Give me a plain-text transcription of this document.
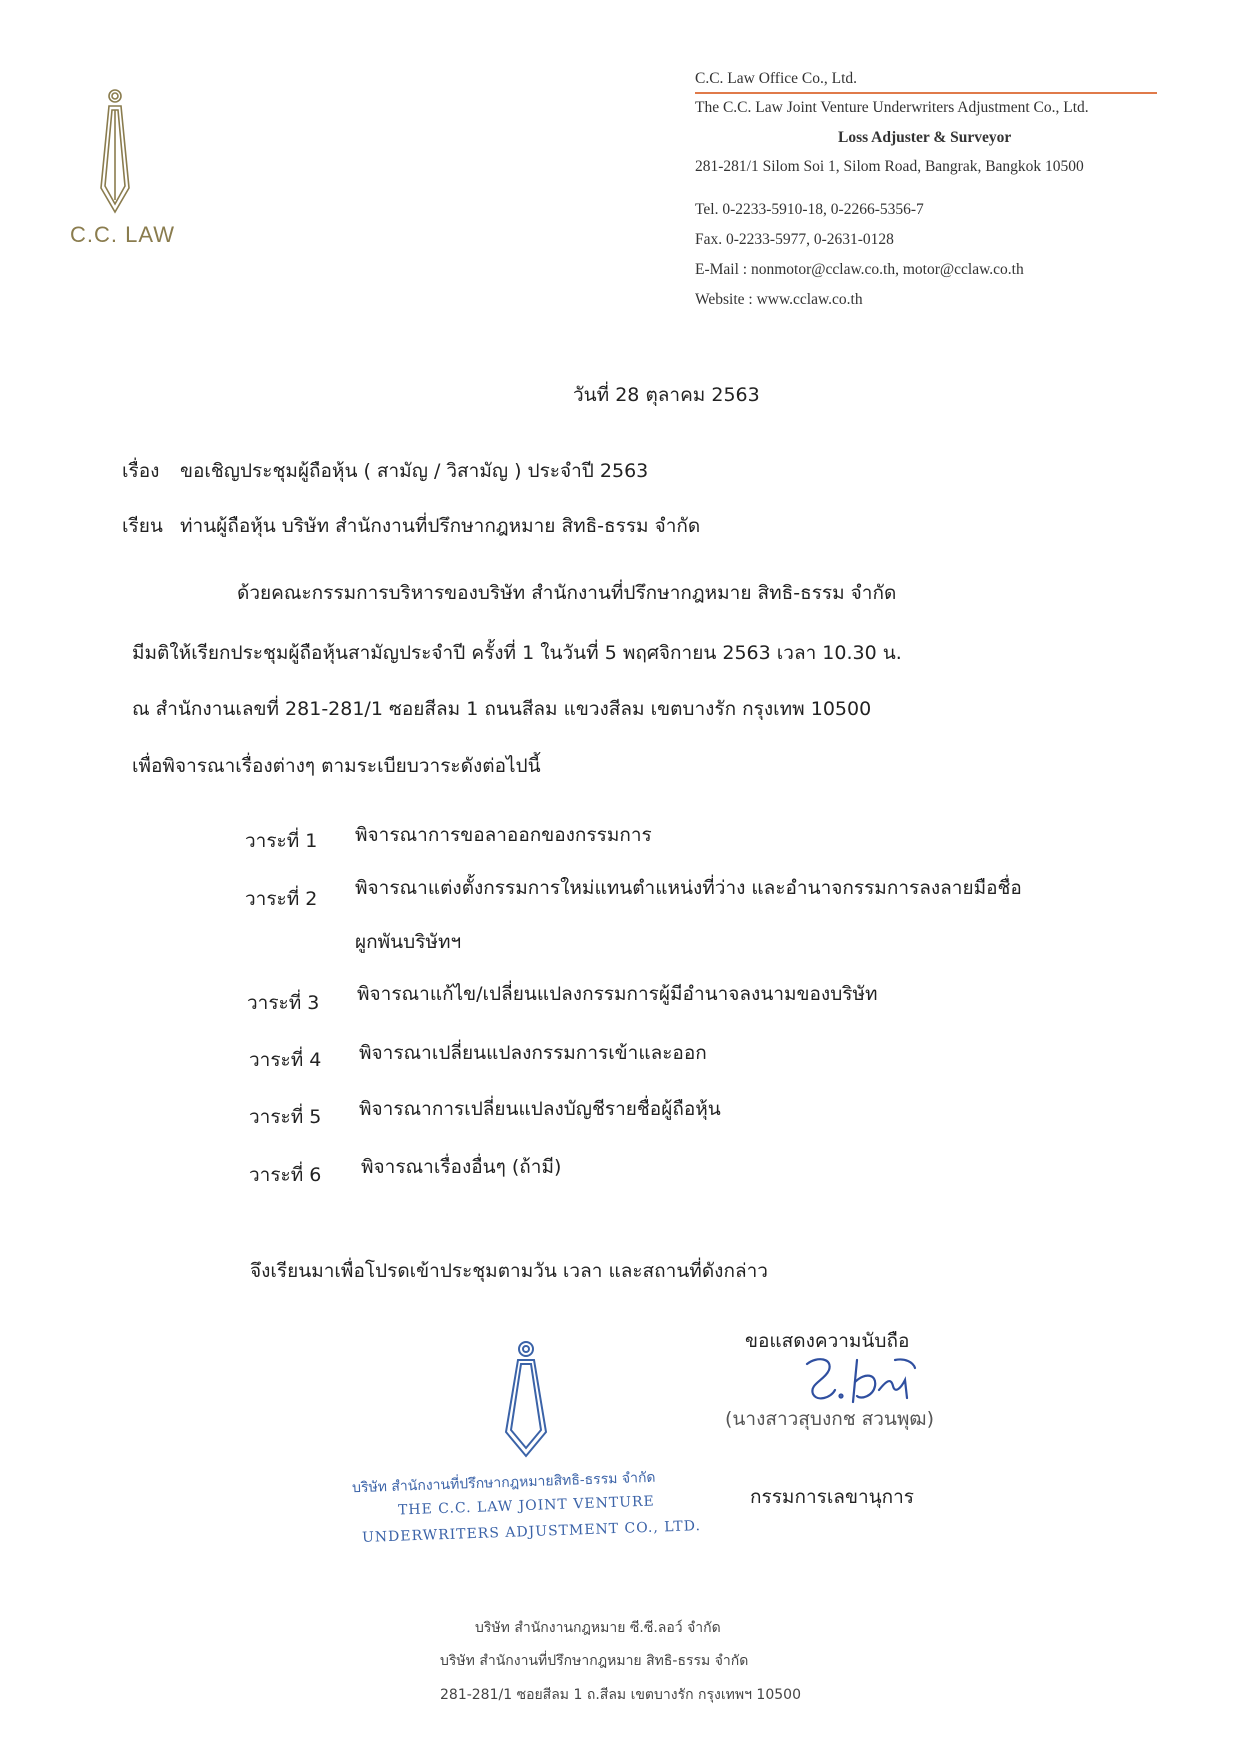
C.C. LAW
C.C. Law Office Co., Ltd.
The C.C. Law Joint Venture Underwriters Adjustment Co., Ltd.
Loss Adjuster & Surveyor
281-281/1 Silom Soi 1, Silom Road, Bangrak, Bangkok 10500
Tel. 0-2233-5910-18, 0-2266-5356-7
Fax. 0-2233-5977, 0-2631-0128
E-Mail : nonmotor@cclaw.co.th, motor@cclaw.co.th
Website : www.cclaw.co.th
วันที่ 28 ตุลาคม 2563
เรื่อง ขอเชิญประชุมผู้ถือหุ้น ( สามัญ / วิสามัญ ) ประจำปี 2563
เรียน ท่านผู้ถือหุ้น บริษัท สำนักงานที่ปรึกษากฎหมาย สิทธิ-ธรรม จำกัด
ด้วยคณะกรรมการบริหารของบริษัท สำนักงานที่ปรึกษากฎหมาย สิทธิ-ธรรม จำกัด
มีมติให้เรียกประชุมผู้ถือหุ้นสามัญประจำปี ครั้งที่ 1 ในวันที่ 5 พฤศจิกายน 2563 เวลา 10.30 น.
ณ สำนักงานเลขที่ 281-281/1 ซอยสีลม 1 ถนนสีลม แขวงสีลม เขตบางรัก กรุงเทพ 10500
เพื่อพิจารณาเรื่องต่างๆ ตามระเบียบวาระดังต่อไปนี้
วาระที่ 1 พิจารณาการขอลาออกของกรรมการ
วาระที่ 2 พิจารณาแต่งตั้งกรรมการใหม่แทนตำแหน่งที่ว่าง และอำนาจกรรมการลงลายมือชื่อ
ผูกพันบริษัทฯ
วาระที่ 3 พิจารณาแก้ไข/เปลี่ยนแปลงกรรมการผู้มีอำนาจลงนามของบริษัท
วาระที่ 4 พิจารณาเปลี่ยนแปลงกรรมการเข้าและออก
วาระที่ 5 พิจารณาการเปลี่ยนแปลงบัญชีรายชื่อผู้ถือหุ้น
วาระที่ 6 พิจารณาเรื่องอื่นๆ (ถ้ามี)
จึงเรียนมาเพื่อโปรดเข้าประชุมตามวัน เวลา และสถานที่ดังกล่าว
ขอแสดงความนับถือ
(นางสาวสุบงกช สวนพุฒ)
กรรมการเลขานุการ
บริษัท สำนักงานที่ปรึกษากฎหมายสิทธิ-ธรรม จำกัด
THE C.C. LAW JOINT VENTURE
UNDERWRITERS ADJUSTMENT CO., LTD.
บริษัท สำนักงานกฎหมาย ซี.ซี.ลอว์ จำกัด
บริษัท สำนักงานที่ปรึกษากฎหมาย สิทธิ-ธรรม จำกัด
281-281/1 ซอยสีลม 1 ถ.สีลม เขตบางรัก กรุงเทพฯ 10500
